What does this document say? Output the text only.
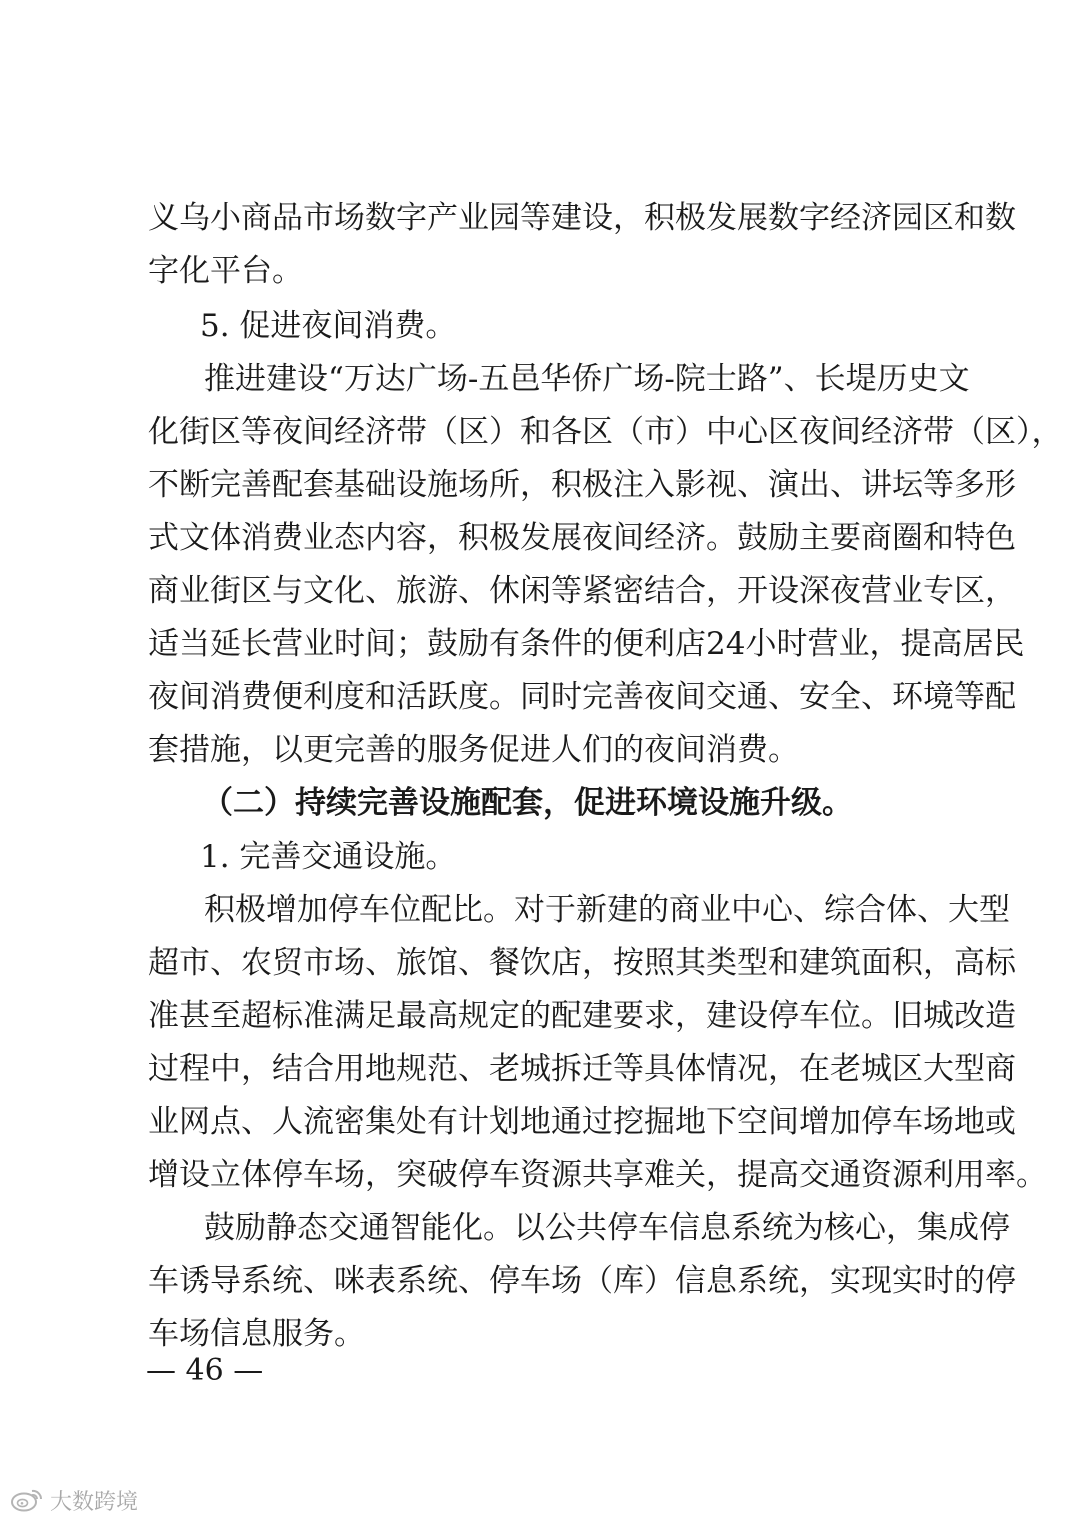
义乌小商品市场数字产业园等建设，积极发展数字经济园区和数
字化平台。
5. 促进夜间消费。
推进建设“万达广场-五邑华侨广场-院士路”、长堤历史文
化街区等夜间经济带（区）和各区（市）中心区夜间经济带（区），
不断完善配套基础设施场所，积极注入影视、演出、讲坛等多形
式文体消费业态内容，积极发展夜间经济。鼓励主要商圈和特色
商业街区与文化、旅游、休闲等紧密结合，开设深夜营业专区，
适当延长营业时间；鼓励有条件的便利店24小时营业，提高居民
夜间消费便利度和活跃度。同时完善夜间交通、安全、环境等配
套措施，以更完善的服务促进人们的夜间消费。
（二）持续完善设施配套，促进环境设施升级。
1. 完善交通设施。
积极增加停车位配比。对于新建的商业中心、综合体、大型
超市、农贸市场、旅馆、餐饮店，按照其类型和建筑面积，高标
准甚至超标准满足最高规定的配建要求，建设停车位。旧城改造
过程中，结合用地规范、老城拆迁等具体情况，在老城区大型商
业网点、人流密集处有计划地通过挖掘地下空间增加停车场地或
增设立体停车场，突破停车资源共享难关，提高交通资源利用率。
鼓励静态交通智能化。以公共停车信息系统为核心，集成停
车诱导系统、咪表系统、停车场（库）信息系统，实现实时的停
车场信息服务。
— 46 —
大数跨境
